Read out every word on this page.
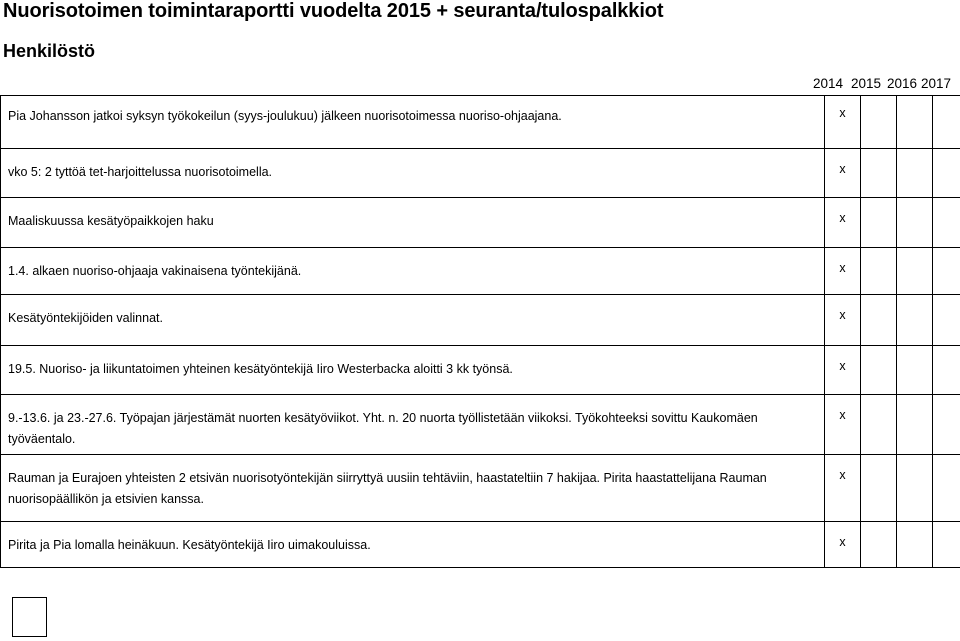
Nuorisotoimen toimintaraportti vuodelta 2015 + seuranta/tulospalkkiot
Henkilöstö
2014 2015 2016 2017
Pia Johansson jatkoi syksyn työkokeilun (syys-joulukuu) jälkeen nuorisotoimessa nuoriso-ohjaajana.	x			

vko 5: 2 tyttöä tet-harjoittelussa nuorisotoimella.	x			

Maaliskuussa kesätyöpaikkojen haku	x			

1.4. alkaen nuoriso-ohjaaja vakinaisena työntekijänä.	x			

Kesätyöntekijöiden valinnat.	x			

19.5. Nuoriso- ja liikuntatoimen yhteinen kesätyöntekijä Iiro Westerbacka aloitti 3 kk työnsä.	x			

9.-13.6. ja 23.-27.6. Työpajan järjestämät nuorten kesätyöviikot. Yht. n. 20 nuorta työllistetään viikoksi. Työkohteeksi sovittu Kaukomäen työväentalo.	x			

Rauman ja Eurajoen yhteisten 2 etsivän nuorisotyöntekijän siirryttyä uusiin tehtäviin, haastateltiin 7 hakijaa. Pirita haastattelijana Rauman nuorisopäällikön ja etsivien kanssa.	x			

Pirita ja Pia lomalla heinäkuun. Kesätyöntekijä Iiro uimakouluissa.	x			
